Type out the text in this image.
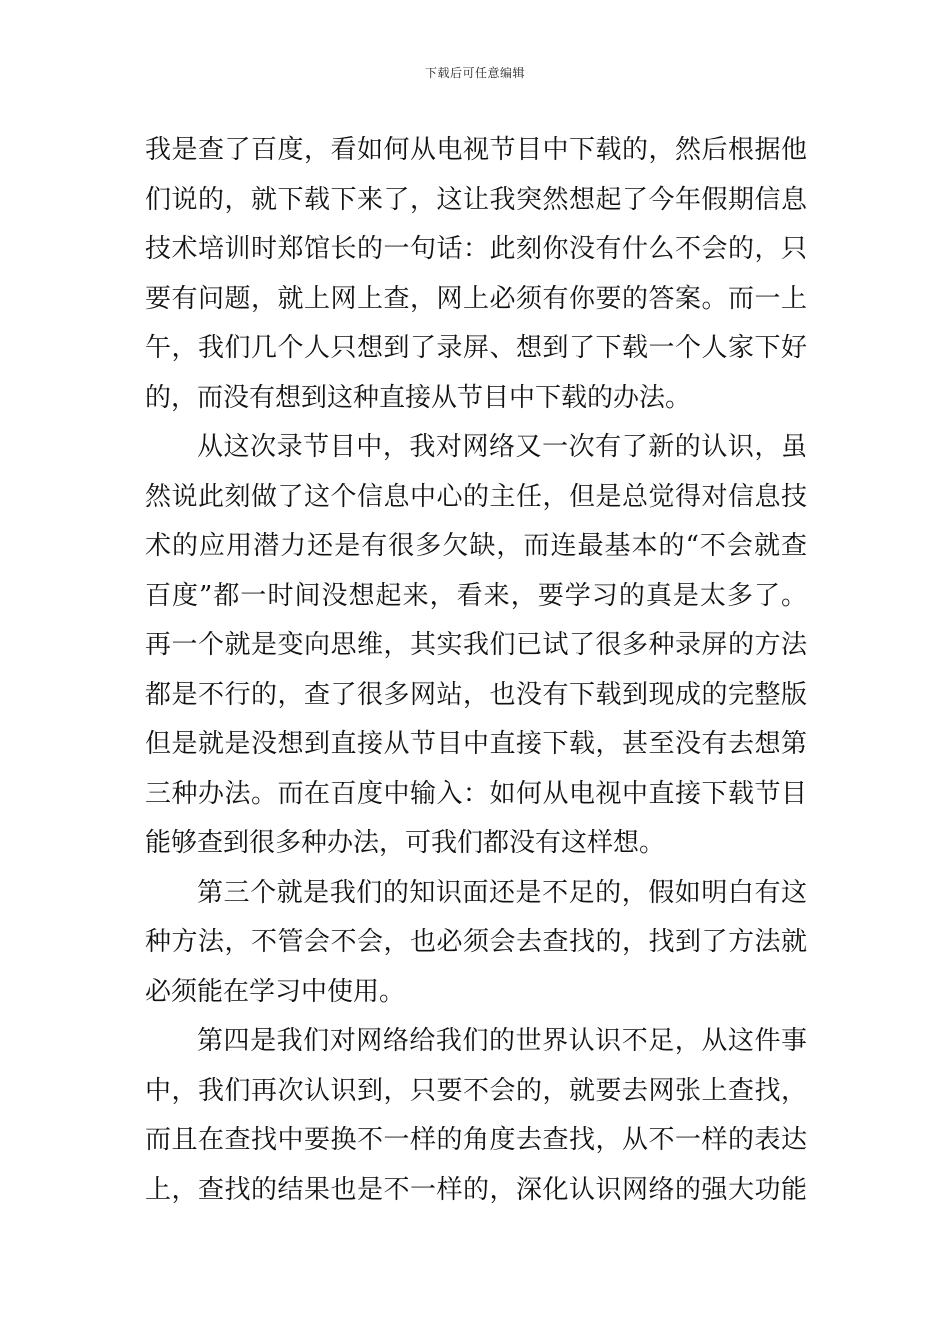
下载后可任意编辑
我是查了百度，看如何从电视节目中下载的，然后根据他
们说的，就下载下来了，这让我突然想起了今年假期信息
技术培训时郑馆长的一句话：此刻你没有什么不会的，只
要有问题，就上网上查，网上必须有你要的答案。而一上
午，我们几个人只想到了录屏、想到了下载一个人家下好
的，而没有想到这种直接从节目中下载的办法。
从这次录节目中，我对网络又一次有了新的认识，虽
然说此刻做了这个信息中心的主任，但是总觉得对信息技
术的应用潜力还是有很多欠缺，而连最基本的“不会就查
百度”都一时间没想起来，看来，要学习的真是太多了。
再一个就是变向思维，其实我们已试了很多种录屏的方法
都是不行的，查了很多网站，也没有下载到现成的完整版
但是就是没想到直接从节目中直接下载，甚至没有去想第
三种办法。而在百度中输入：如何从电视中直接下载节目
能够查到很多种办法，可我们都没有这样想。
第三个就是我们的知识面还是不足的，假如明白有这
种方法，不管会不会，也必须会去查找的，找到了方法就
必须能在学习中使用。
第四是我们对网络给我们的世界认识不足，从这件事
中，我们再次认识到，只要不会的，就要去网张上查找，
而且在查找中要换不一样的角度去查找，从不一样的表达
上，查找的结果也是不一样的，深化认识网络的强大功能
